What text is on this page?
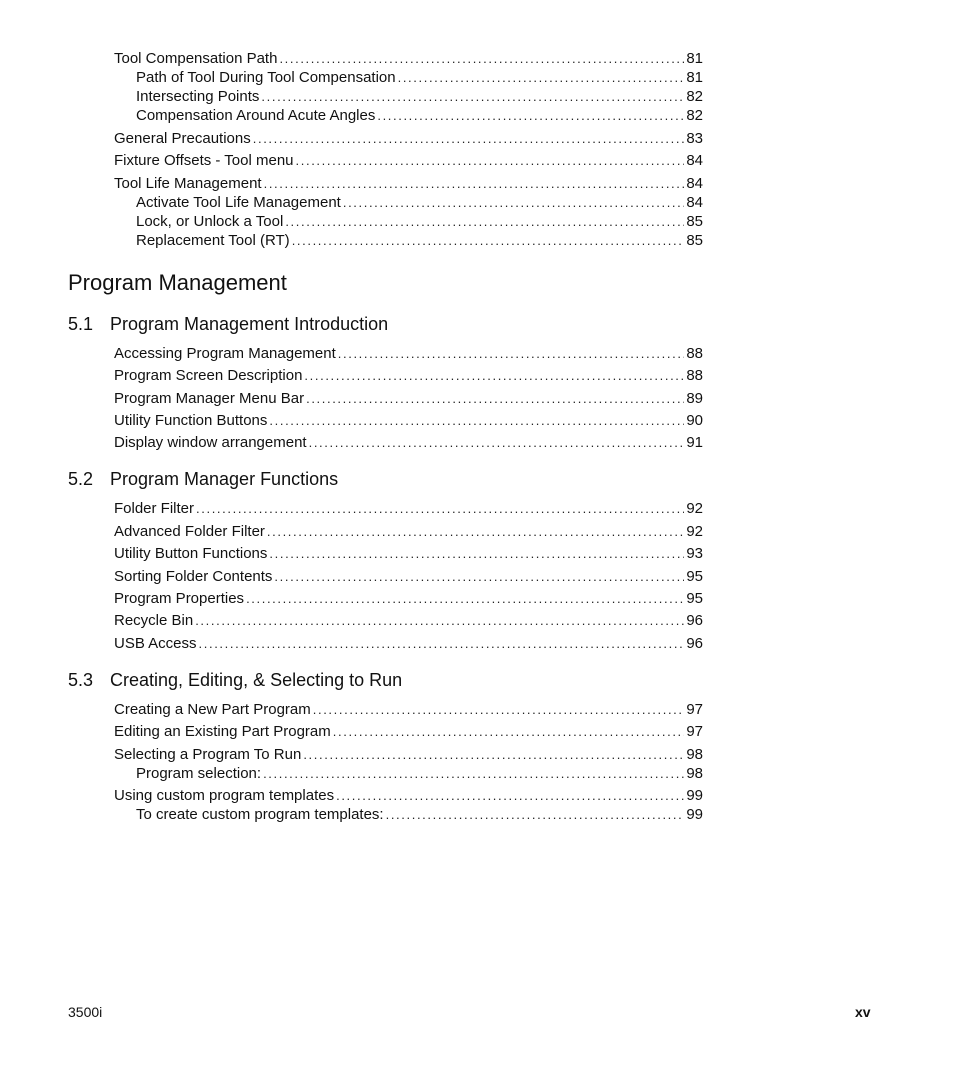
Tool Compensation Path . . .	81
Path of Tool During Tool Compensation . . .	81
Intersecting Points . . .	82
Compensation Around Acute Angles . . .	82
General Precautions . . .	83
Fixture Offsets - Tool menu . . .	84
Tool Life Management . . .	84
Activate Tool Life Management . . .	84
Lock, or Unlock a Tool . . .	85
Replacement Tool (RT) . . .	85
Program Management
5.1 Program Management Introduction
Accessing Program Management . . .	88
Program Screen Description . . .	88
Program Manager Menu Bar . . .	89
Utility Function Buttons . . .	90
Display window arrangement . . .	91
5.2 Program Manager Functions
Folder Filter . . .	92
Advanced Folder Filter . . .	92
Utility Button Functions . . .	93
Sorting Folder Contents . . .	95
Program Properties . . .	95
Recycle Bin . . .	96
USB Access . . .	96
5.3 Creating, Editing, & Selecting to Run
Creating a New Part Program . . .	97
Editing an Existing Part Program . . .	97
Selecting a Program To Run . . .	98
Program selection: . . .	98
Using custom program templates . . .	99
To create custom program templates: . . .	99
3500i	xv
